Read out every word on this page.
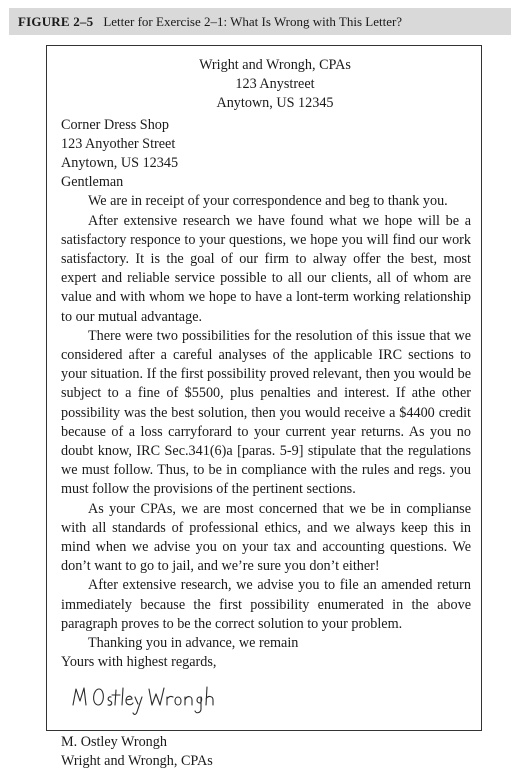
FIGURE 2–5 Letter for Exercise 2–1: What Is Wrong with This Letter?

Wright and Wrongh, CPAs

123 Anystreet

Anytown, US 12345

Corner Dress Shop

123 Anyother Street

Anytown, US 12345

Gentleman

We are in receipt of your correspondence and beg to thank you.

After extensive research we have found what we hope will be a satisfactory responce to your questions, we hope you will find our work satisfactory. It is the goal of our firm to alway offer the best, most expert and reliable service possible to all our clients, all of whom are value and with whom we hope to have a lont-term working relationship to our mutual advantage.

There were two possibilities for the resolution of this issue that we considered after a careful analyses of the applicable IRC sections to your situation. If the first possibility proved relevant, then you would be subject to a fine of $5500, plus penalties and interest. If athe other possibility was the best solution, then you would receive a $4400 credit because of a loss carryforard to your current year returns. As you no doubt know, IRC Sec.341(6)a [paras. 5-9] stipulate that the regulations we must follow. Thus, to be in compliance with the rules and regs. you must follow the provisions of the pertinent sections.

As your CPAs, we are most concerned that we be in complianse with all standards of professional ethics, and we always keep this in mind when we advise you on your tax and accounting questions. We don’t want to go to jail, and we’re sure you don’t either!

After extensive research, we advise you to file an amended return immediately because the first possibility enumerated in the above paragraph proves to be the correct solution to your problem.

Thanking you in advance, we remain

Yours with highest regards,

M. Ostley Wrongh

Wright and Wrongh, CPAs
